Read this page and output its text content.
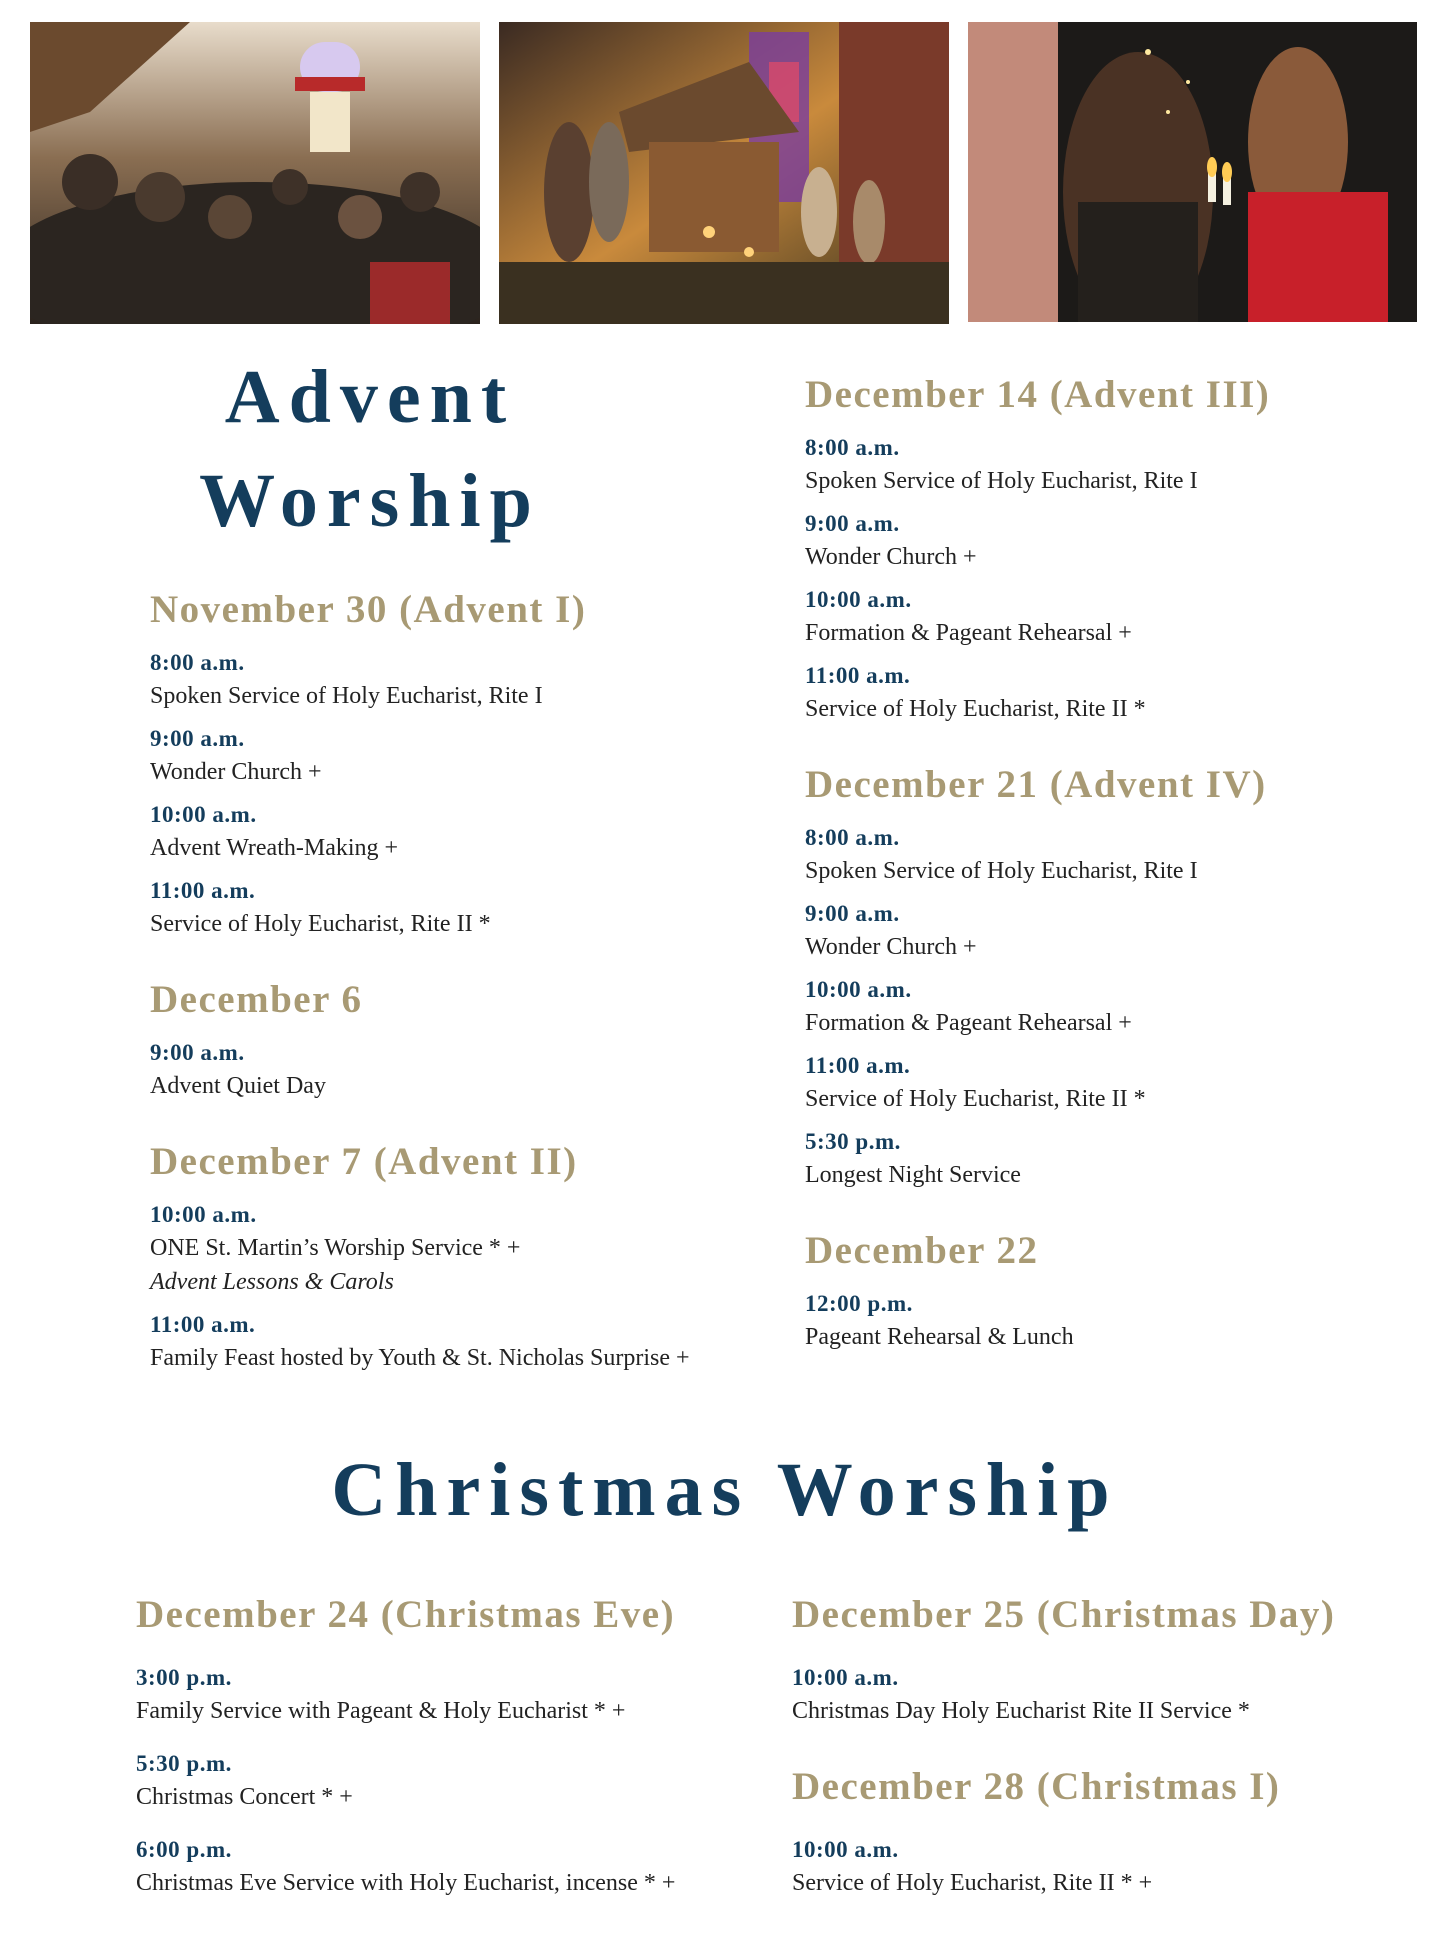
Advent
Worship
November 30 (Advent I)
8:00 a.m.
Spoken Service of Holy Eucharist, Rite I
9:00 a.m.
Wonder Church +
10:00 a.m.
Advent Wreath-Making +
11:00 a.m.
Service of Holy Eucharist, Rite II *
December 6
9:00 a.m.
Advent Quiet Day
December 7 (Advent II)
10:00 a.m.
ONE St. Martin’s Worship Service * +
Advent Lessons & Carols
11:00 a.m.
Family Feast hosted by Youth & St. Nicholas Surprise +
December 14 (Advent III)
8:00 a.m.
Spoken Service of Holy Eucharist, Rite I
9:00 a.m.
Wonder Church +
10:00 a.m.
Formation & Pageant Rehearsal +
11:00 a.m.
Service of Holy Eucharist, Rite II *
December 21 (Advent IV)
8:00 a.m.
Spoken Service of Holy Eucharist, Rite I
9:00 a.m.
Wonder Church +
10:00 a.m.
Formation & Pageant Rehearsal +
11:00 a.m.
Service of Holy Eucharist, Rite II *
5:30 p.m.
Longest Night Service
December 22
12:00 p.m.
Pageant Rehearsal & Lunch
Christmas Worship
December 24 (Christmas Eve)
3:00 p.m.
Family Service with Pageant & Holy Eucharist * +
5:30 p.m.
Christmas Concert * +
6:00 p.m.
Christmas Eve Service with Holy Eucharist, incense * +
December 25 (Christmas Day)
10:00 a.m.
Christmas Day Holy Eucharist Rite II Service *
December 28 (Christmas I)
10:00 a.m.
Service of Holy Eucharist, Rite II * +
